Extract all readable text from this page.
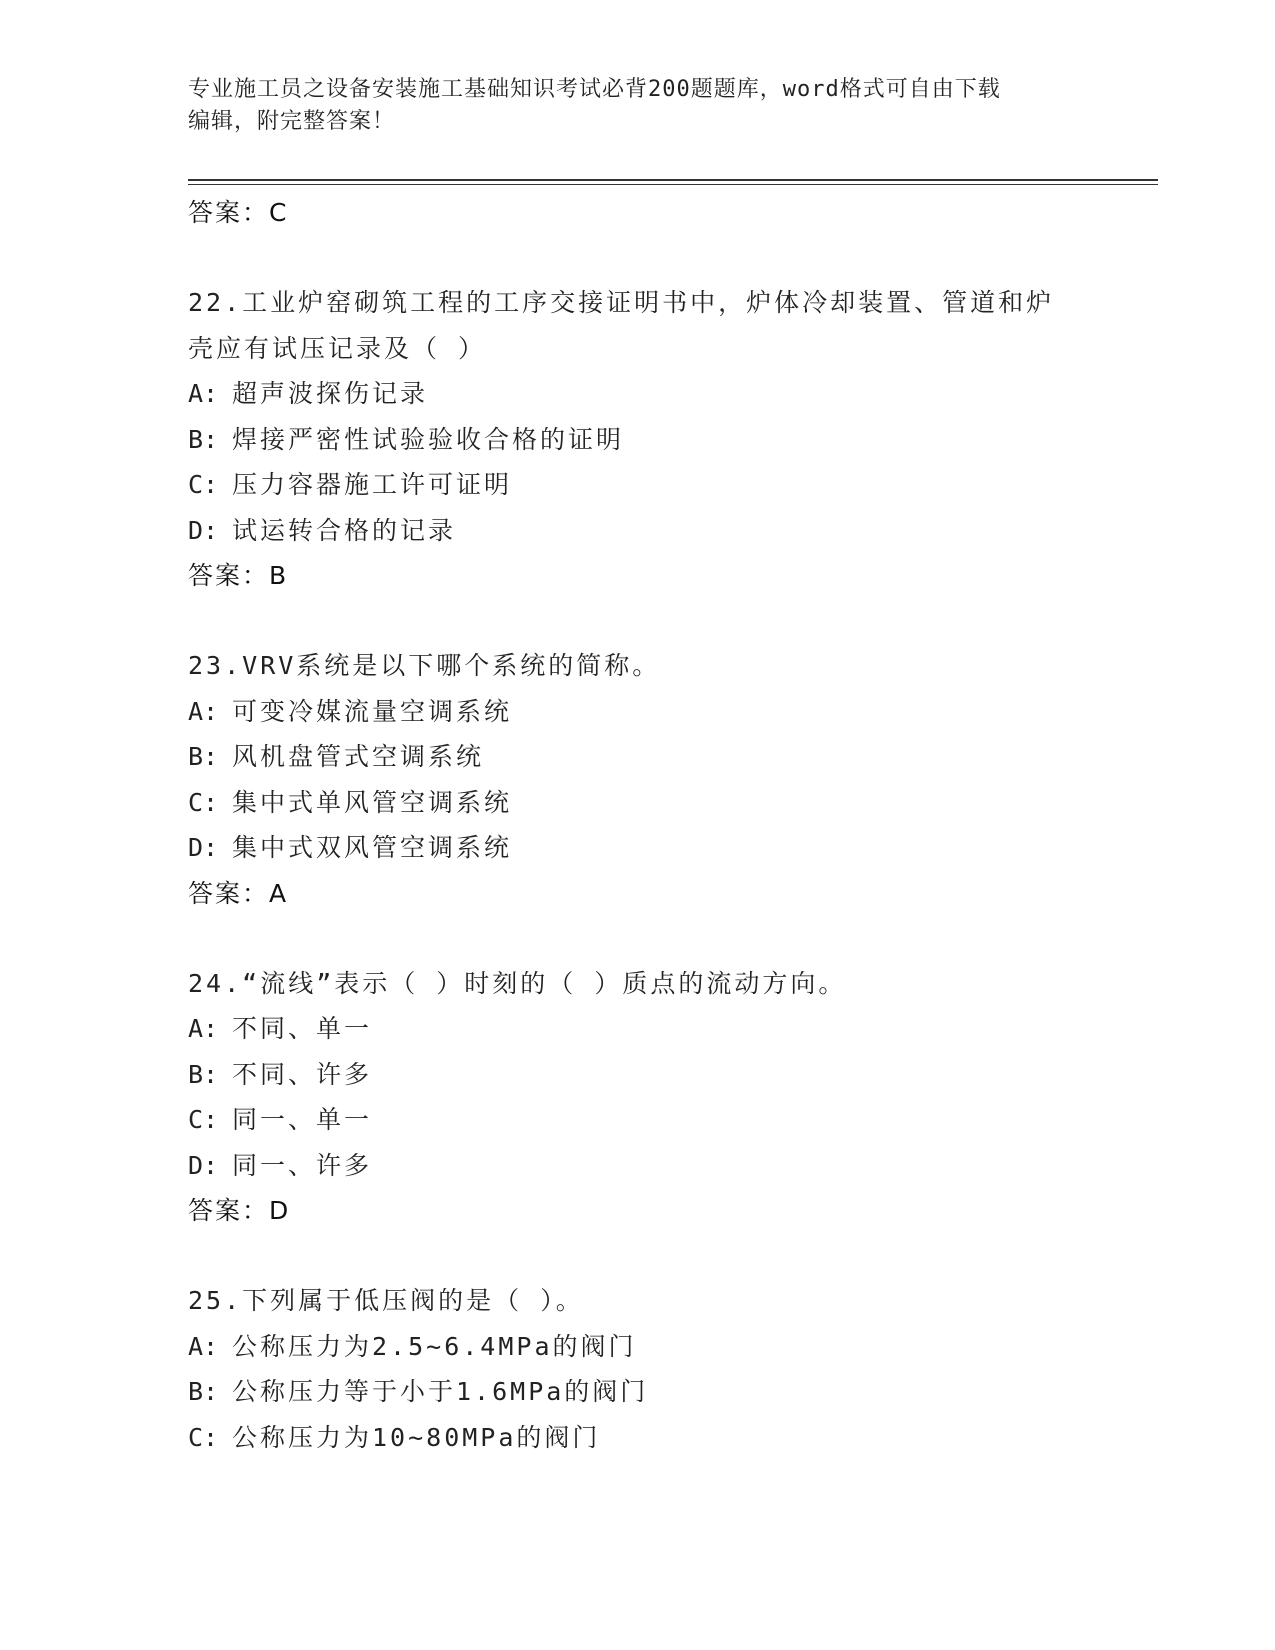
专业施工员之设备安装施工基础知识考试必背200题题库，word格式可自由下载
编辑，附完整答案！
答案：C
22.工业炉窑砌筑工程的工序交接证明书中，炉体冷却装置、管道和炉
壳应有试压记录及（ ）
A: 超声波探伤记录
B: 焊接严密性试验验收合格的证明
C: 压力容器施工许可证明
D: 试运转合格的记录
答案：B
23.VRV系统是以下哪个系统的简称。
A: 可变冷媒流量空调系统
B: 风机盘管式空调系统
C: 集中式单风管空调系统
D: 集中式双风管空调系统
答案：A
24.“流线”表示（ ）时刻的（ ）质点的流动方向。
A: 不同、单一
B: 不同、许多
C: 同一、单一
D: 同一、许多
答案：D
25.下列属于低压阀的是（ ）。
A: 公称压力为2.5~6.4MPa的阀门
B: 公称压力等于小于1.6MPa的阀门
C: 公称压力为10~80MPa的阀门
